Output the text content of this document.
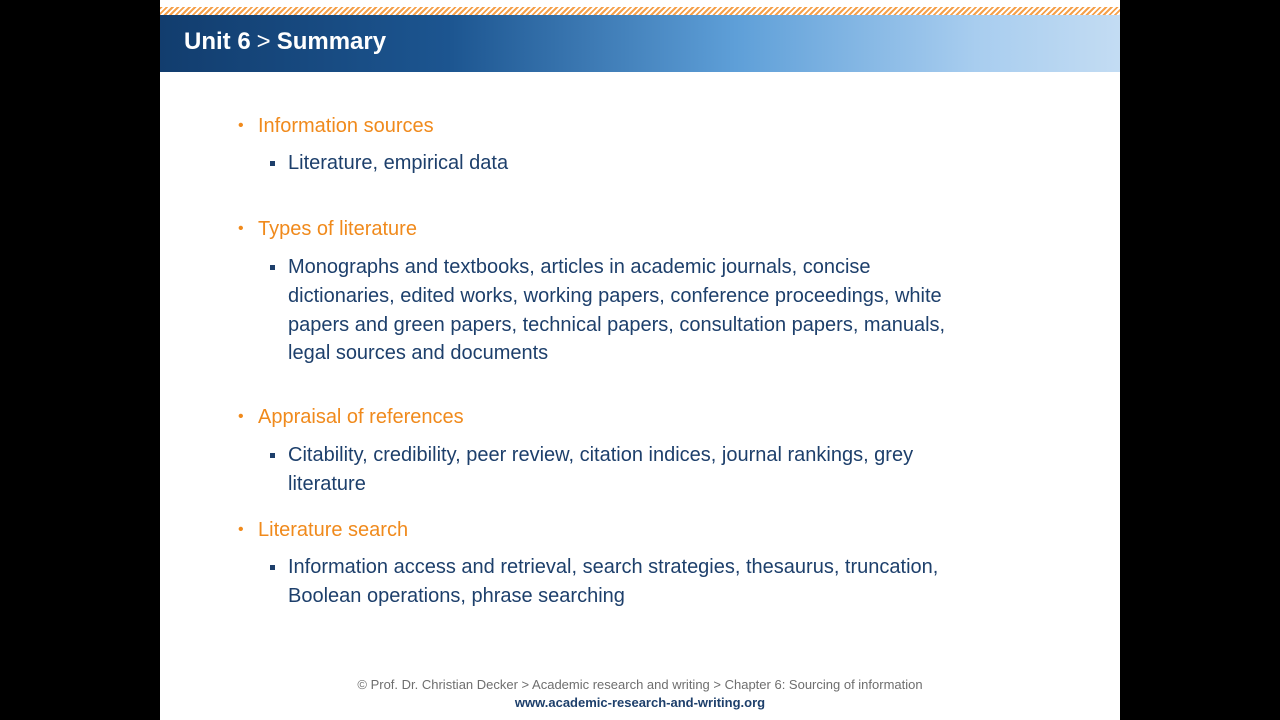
Unit 6 > Summary
• Information sources
Literature, empirical data
• Types of literature
Monographs and textbooks, articles in academic journals, concise dictionaries, edited works, working papers, conference proceedings, white papers and green papers, technical papers, consultation papers, manuals, legal sources and documents
• Appraisal of references
Citability, credibility, peer review, citation indices, journal rankings, grey literature
• Literature search
Information access and retrieval, search strategies, thesaurus, truncation, Boolean operations, phrase searching
© Prof. Dr. Christian Decker > Academic research and writing > Chapter 6: Sourcing of information
www.academic-research-and-writing.org
